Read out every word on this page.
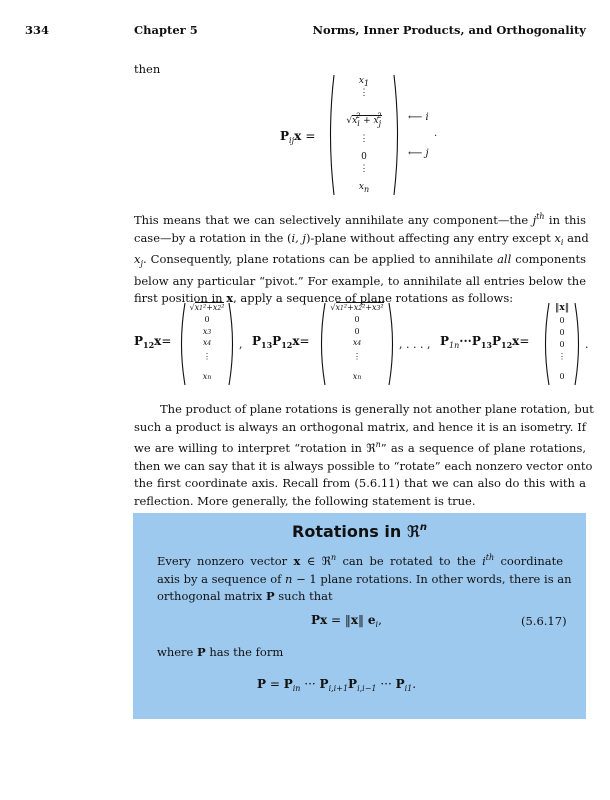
334	Chapter 5	Norms, Inner Products, and Orthogonality
then
$P_{ij}x$ =
x1
⋮
$√xi^2 + xj^2$
⋮
0
⋮
xn
⟵ i
.
⟵ j
This means that we can selectively annihilate any component—the $j^{th}$ in this
case—by a rotation in the (i, j)-plane without affecting any entry except $x_i$ and
$x_j$. Consequently, plane rotations can be applied to annihilate all components
below any particular “pivot.” For example, to annihilate all entries below the
first position in x, apply a sequence of plane rotations as follows:
$P_{12}x=$
√x1²+x2²
0
x3
x4
⋮
xn
, $P_{13}P_{12}x=$
√x1²+x2²+x3²
0
0
x4
⋮
xn
, . . . , $P_{1n}\cdot\cdot\cdot P_{13}P_{12}x=$
‖x‖
0
0
0
⋮
0
.
The product of plane rotations is generally not another plane rotation, but
such a product is always an orthogonal matrix, and hence it is an isometry. If
we are willing to interpret “rotation in ℜ$^n$” as a sequence of plane rotations,
then we can say that it is always possible to “rotate” each nonzero vector onto
the first coordinate axis. Recall from (5.6.11) that we can also do this with a
reflection. More generally, the following statement is true.
Rotations in ℜ$^n$
Every nonzero vector x ∈ ℜ$^n$ can be rotated to the $i^{th}$ coordinate
axis by a sequence of n − 1 plane rotations. In other words, there is an
orthogonal matrix P such that
Px = ‖x‖ $e_i$,	(5.6.17)
where P has the form
$P = P_{in}$ ··· $P_{i,i+1}P_{i,i-1}$ ··· $P_{i1}$.
